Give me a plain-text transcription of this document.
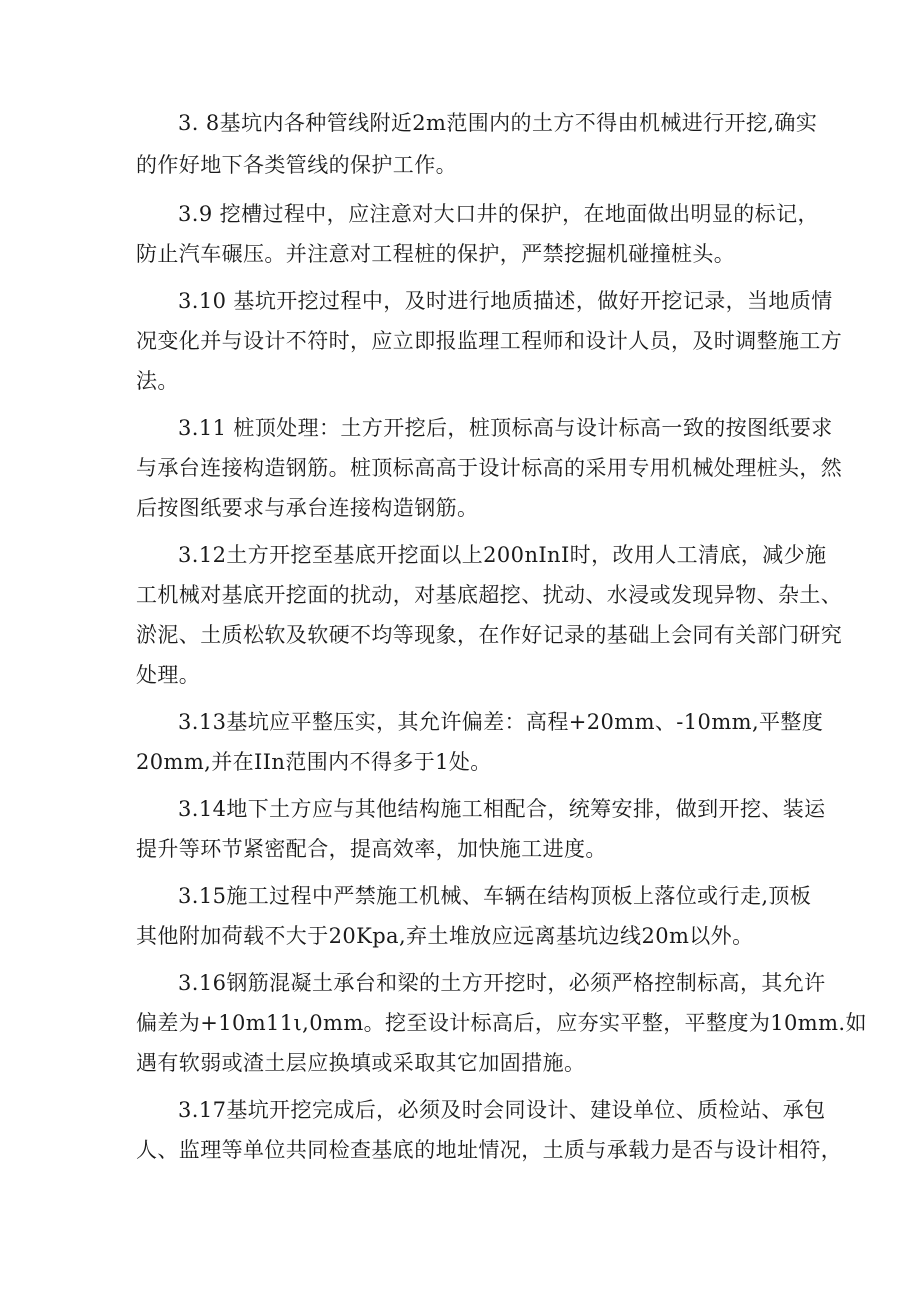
3. 8基坑内各种管线附近2m范围内的土方不得由机械进行开挖,确实
的作好地下各类管线的保护工作。
3.9 挖槽过程中，应注意对大口井的保护，在地面做出明显的标记，
防止汽车碾压。并注意对工程桩的保护，严禁挖掘机碰撞桩头。
3.10 基坑开挖过程中，及时进行地质描述，做好开挖记录，当地质情
况变化并与设计不符时，应立即报监理工程师和设计人员，及时调整施工方
法。
3.11 桩顶处理：土方开挖后，桩顶标高与设计标高一致的按图纸要求
与承台连接构造钢筋。桩顶标高高于设计标高的采用专用机械处理桩头，然
后按图纸要求与承台连接构造钢筋。
3.12土方开挖至基底开挖面以上200nInI时，改用人工清底，减少施
工机械对基底开挖面的扰动，对基底超挖、扰动、水浸或发现异物、杂土、
淤泥、土质松软及软硬不均等现象，在作好记录的基础上会同有关部门研究
处理。
3.13基坑应平整压实，其允许偏差：高程+20mm、-10mm,平整度
20mm,并在IIn范围内不得多于1处。
3.14地下土方应与其他结构施工相配合，统筹安排，做到开挖、装运
提升等环节紧密配合，提高效率，加快施工进度。
3.15施工过程中严禁施工机械、车辆在结构顶板上落位或行走,顶板
其他附加荷载不大于20Kpa,弃土堆放应远离基坑边线20m以外。
3.16钢筋混凝土承台和梁的土方开挖时，必须严格控制标高，其允许
偏差为+10m11ι,0mm。挖至设计标高后，应夯实平整，平整度为10mm.如
遇有软弱或渣土层应换填或采取其它加固措施。
3.17基坑开挖完成后，必须及时会同设计、建设单位、质检站、承包
人、监理等单位共同检查基底的地址情况，土质与承载力是否与设计相符，
